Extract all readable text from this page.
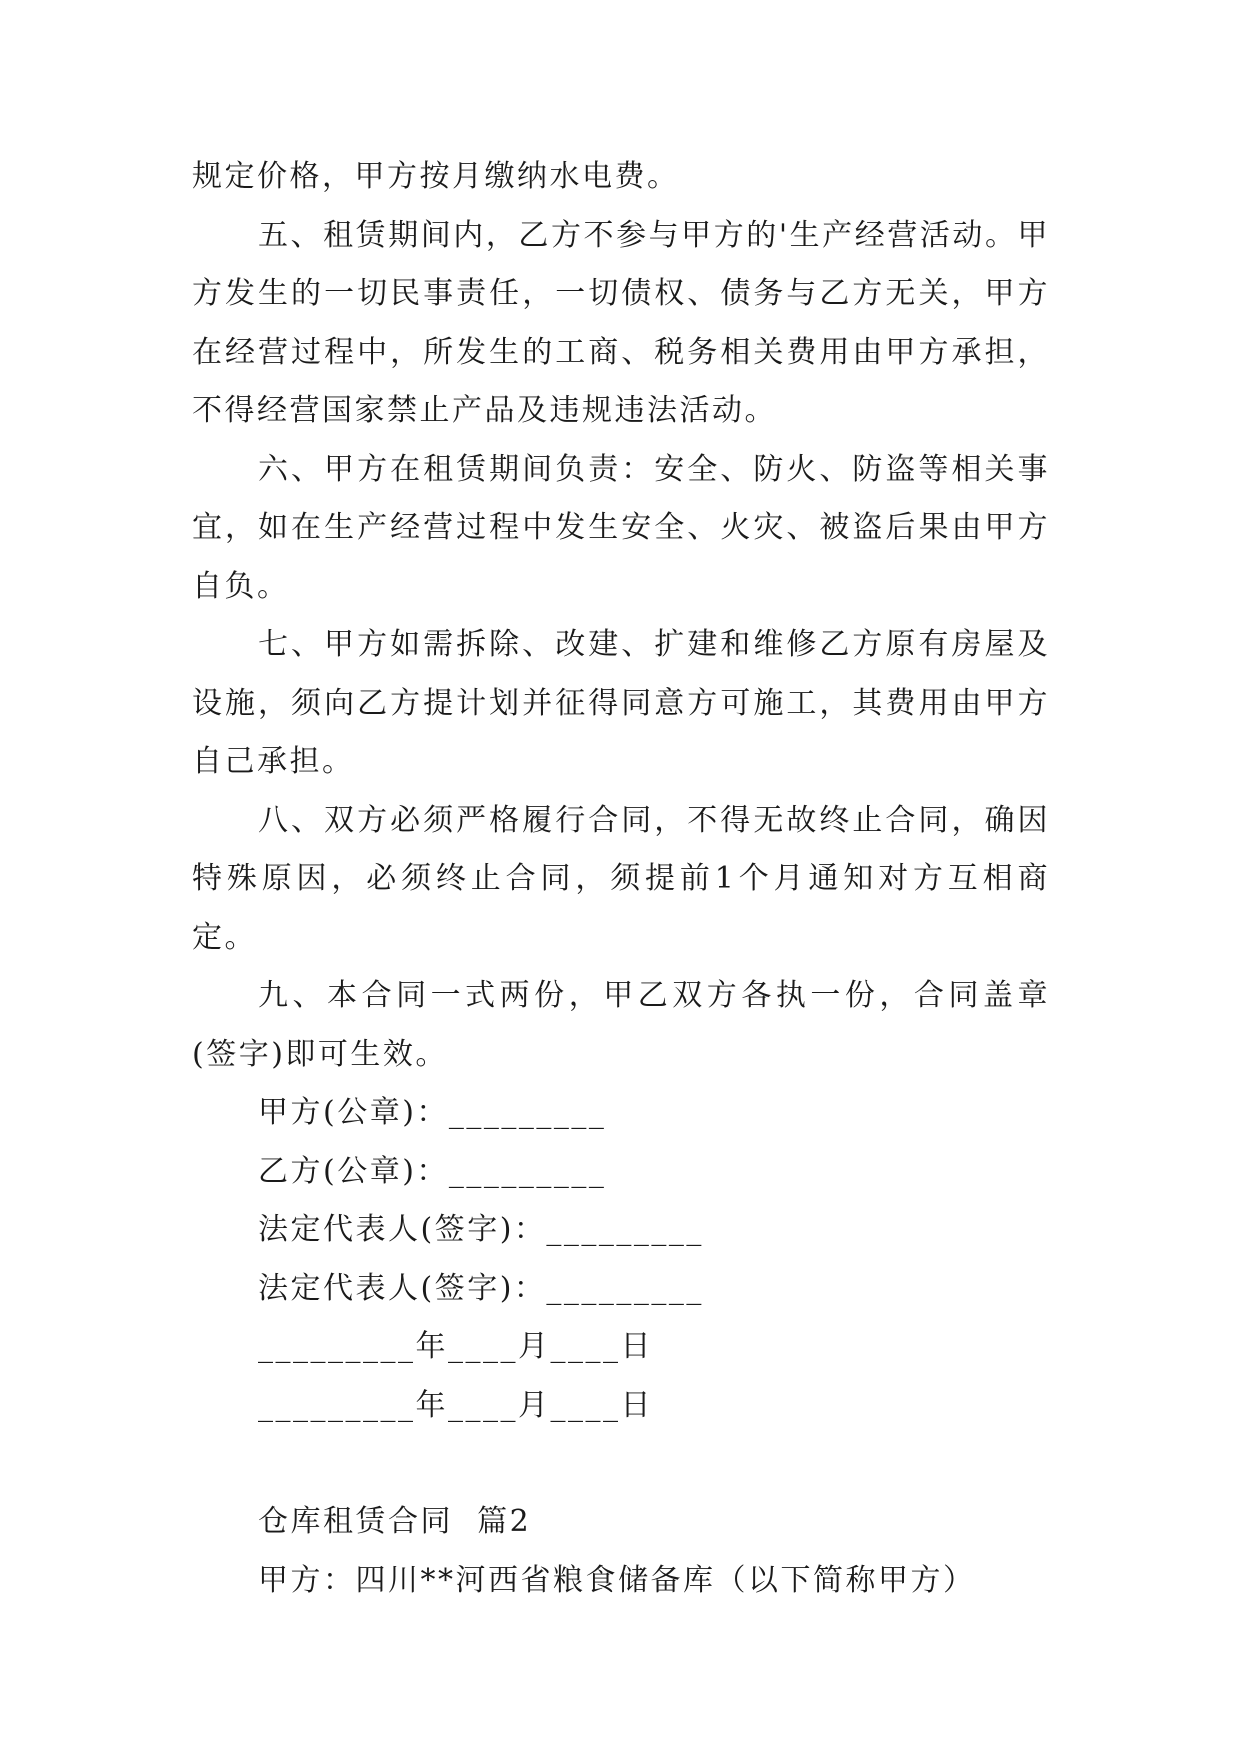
规定价格，甲方按月缴纳水电费。

五、租赁期间内，乙方不参与甲方的'生产经营活动。甲方发生的一切民事责任，一切债权、债务与乙方无关，甲方在经营过程中，所发生的工商、税务相关费用由甲方承担，不得经营国家禁止产品及违规违法活动。

六、甲方在租赁期间负责：安全、防火、防盗等相关事宜，如在生产经营过程中发生安全、火灾、被盗后果由甲方自负。

七、甲方如需拆除、改建、扩建和维修乙方原有房屋及设施，须向乙方提计划并征得同意方可施工，其费用由甲方自己承担。

八、双方必须严格履行合同，不得无故终止合同，确因特殊原因，必须终止合同，须提前1个月通知对方互相商定。

九、本合同一式两份，甲乙双方各执一份，合同盖章(签字)即可生效。

甲方(公章)：_________
乙方(公章)：_________
法定代表人(签字)：_________
法定代表人(签字)：_________
_________年____月____日
_________年____月____日
仓库租赁合同  篇2
甲方：四川**河西省粮食储备库（以下简称甲方）
